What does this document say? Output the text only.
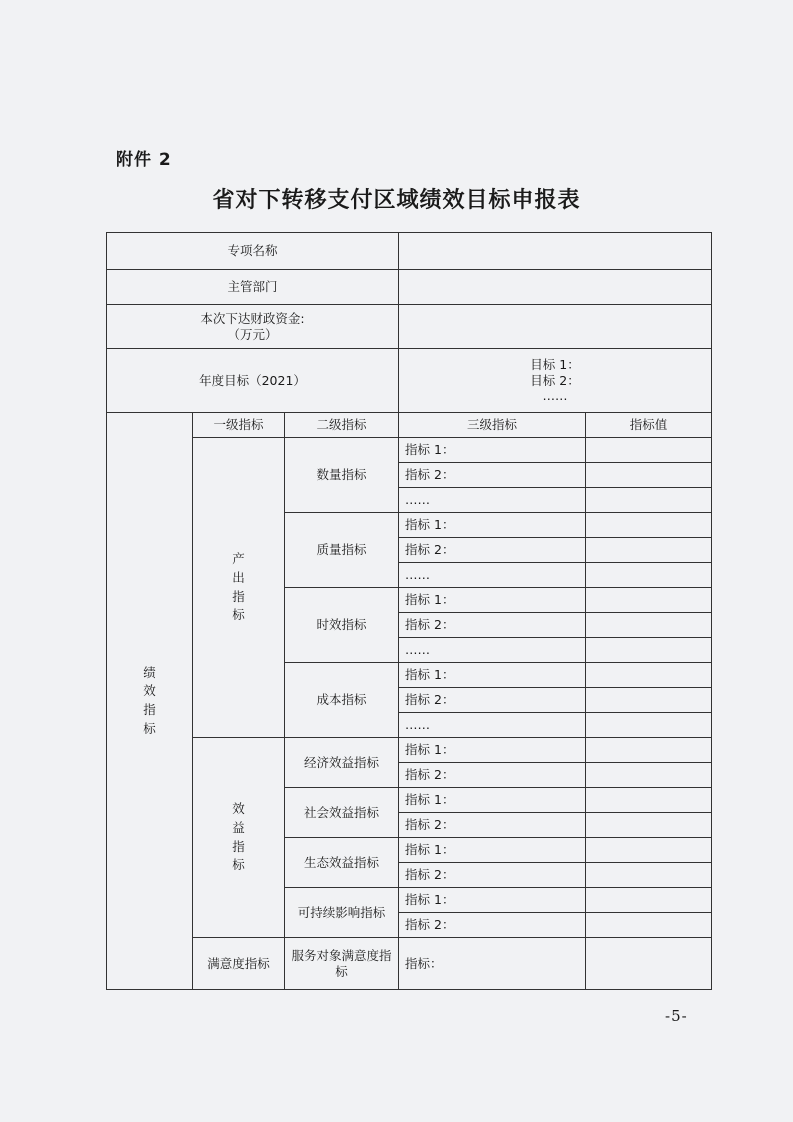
附件 2
省对下转移支付区域绩效目标申报表
专项名称				
主管部门				

本次下达财政资金:
（万元）				

年度目标（2021）			目标 1：
目标 2：
……	

绩效指标	一级指标	二级指标	三级指标	指标值
	产出指标	数量指标	指标 1：	
			指标 2：	
			……	
		质量指标	指标 1：	
			指标 2：	
			……	
		时效指标	指标 1：	
			指标 2：	
			……	
		成本指标	指标 1：	
			指标 2：	
			……	
	效益指标	经济效益指标	指标 1：	
			指标 2：	
		社会效益指标	指标 1：	
			指标 2：	
		生态效益指标	指标 1：	
			指标 2：	
		可持续影响指标	指标 1：	
			指标 2：	
	满意度指标	服务对象满意度指标	指标：	
-5-
